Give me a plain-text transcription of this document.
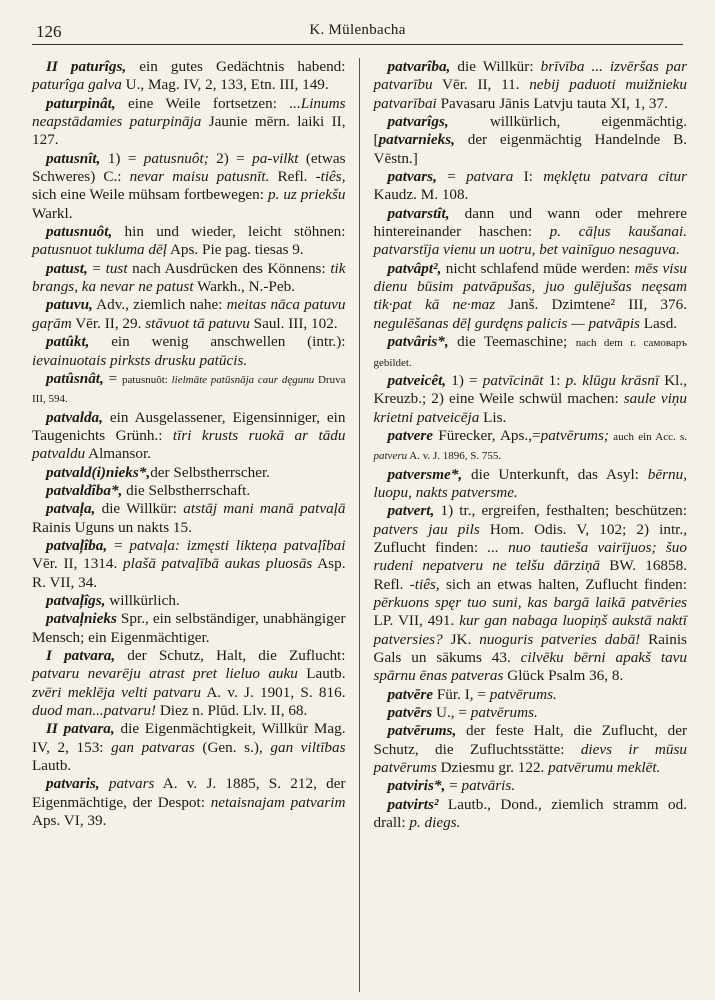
126	K. Mülenbacha

II paturîgs, ein gutes Gedächtnis habend: paturîga galva U., Mag. IV, 2, 133, Etn. III, 149.

paturpinât, eine Weile fortsetzen: ...Linums neapstādamies paturpināja Jaunie mērn. laiki II, 127.

patusnît, 1) = patusnuôt; 2) = pa-vilkt (etwas Schweres) C.: nevar maisu patusnīt. Refl. -tiês, sich eine Weile mühsam fortbewegen: p. uz priekšu Warkl.

patusnuôt, hin und wieder, leicht stöhnen: patusnuot tukluma dēļ Aps. Pie pag. tiesas 9.

patust, = tust nach Ausdrücken des Könnens: tik brangs, ka nevar ne patust Warkh., N.-Peb.

patuvu, Adv., ziemlich nahe: meitas nāca patuvu gaŗām Vēr. II, 29. stāvuot tā patuvu Saul. III, 102.

patûkt, ein wenig anschwellen (intr.): ievainuotais pirksts drusku patūcis.

patûsnât, = patusnuôt: lielmāte patūsnāja caur dęgunu Druva III, 594.

patvalda, ein Ausgelassener, Eigensinniger, ein Taugenichts Grünh.: tīri krusts ruokā ar tādu patvaldu Almansor.

patvald(i)nieks*,der Selbstherrscher.

patvaldîba*, die Selbstherrschaft.

patvaļa, die Willkür: atstāj mani manā patvaļā Rainis Uguns un nakts 15.

patvaļîba, = patvaļa: izmęsti likteņa patvaļîbai Vēr. II, 1314. plašā patvaļībā aukas pluosās Asp. R. VII, 34.

patvaļîgs, willkürlich.

patvaļnieks Spr., ein selbständiger, unabhängiger Mensch; ein Eigenmächtiger.

I patvara, der Schutz, Halt, die Zuflucht: patvaru nevarēju atrast pret lieluo auku Lautb. zvēri meklēja velti patvaru A. v. J. 1901, S. 816. duod man...patvaru! Diez n. Plūd. Llv. II, 68.

II patvara, die Eigenmächtigkeit, Willkür Mag. IV, 2, 153: gan patvaras (Gen. s.), gan viltības Lautb.

patvaris, patvars A. v. J. 1885, S. 212, der Eigenmächtige, der Despot: netaisnajam patvarim Aps. VI, 39.

patvarîba, die Willkür: brīvība ... izvēršas par patvarību Vēr. II, 11. nebij paduoti muižnieku patvarībai Pavasaru Jānis Latvju tauta XI, 1, 37.

patvarîgs, willkürlich, eigenmächtig. [patvarnieks, der eigenmächtig Handelnde B. Vēstn.]

patvars, = patvara I: męklętu patvara citur Kaudz. M. 108.

patvarstît, dann und wann oder mehrere hintereinander haschen: p. cāļus kaušanai. patvarstīja vienu un uotru, bet vainīguo nesaguva.

patvâpt², nicht schlafend müde werden: mēs visu dienu būsim patvāpušas, juo gulējušas neęsam tik·pat kā ne·maz Janš. Dzimtene² III, 376. negulēšanas dēļ gurdęns palicis — patvāpis Lasd.

patvâris*, die Teemaschine; nach dem r. самоваръ gebildet.

patveicêt, 1) = patvīcināt 1: p. klūgu krāsnī Kl., Kreuzb.; 2) eine Weile schwül machen: saule viņu krietni patveicēja Lis.

patvere Fürecker, Aps.,=patvērums; auch ein Acc. s. patveru A. v. J. 1896, S. 755.

patversme*, die Unterkunft, das Asyl: bērnu, luopu, nakts patversme.

patvert, 1) tr., ergreifen, festhalten; beschützen: patvers jau pils Hom. Odis. V, 102; 2) intr., Zuflucht finden: ... nuo tautieša vairījuos; šuo rudeni nepatveru ne telšu dārziņā BW. 16858. Refl. -tiês, sich an etwas halten, Zuflucht finden: pērkuons spęr tuo suni, kas bargā laikā patvēries LP. VII, 491. kur gan nabaga luopiņš aukstā naktī patversies? JK. nuoguris patveries dabā! Rainis Gals un sākums 43. cilvēku bērni apakš tavu spārnu ēnas patveras Glück Psalm 36, 8.

patvēre Für. I, = patvērums.

patvērs U., = patvērums.

patvērums, der feste Halt, die Zuflucht, der Schutz, die Zufluchtsstätte: dievs ir mūsu patvērums Dziesmu gr. 122. patvērumu meklēt.

patviris*, = patvāris.

patvirts² Lautb., Dond., ziemlich stramm od. drall: p. diegs.
